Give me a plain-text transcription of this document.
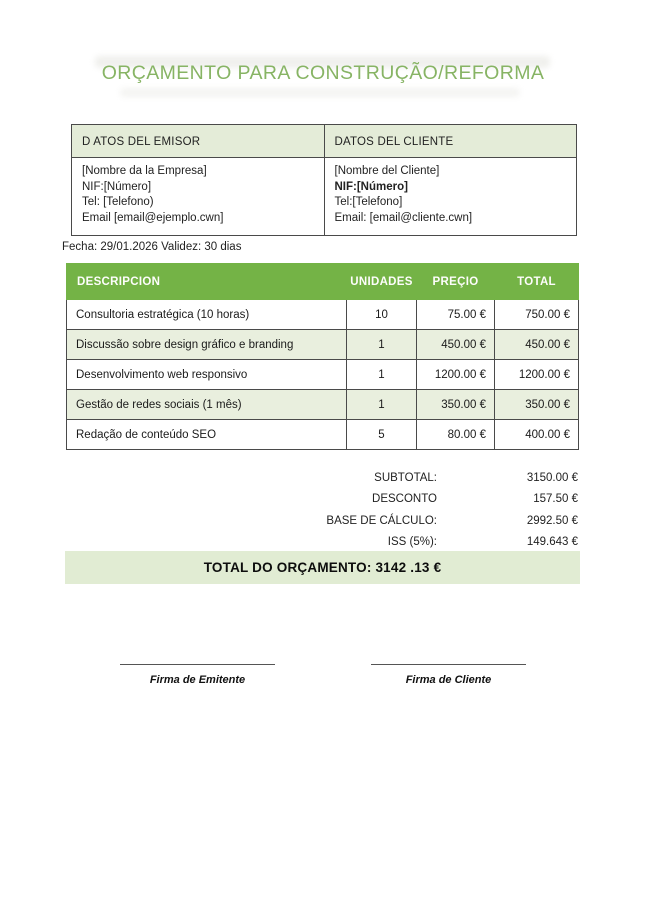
ORÇAMENTO PARA CONSTRUÇÃO/REFORMA
D ATOS DEL EMISOR
[Nombre da la Empresa]
NIF:[Número]
Tel: [Telefono)
Email [email@ejemplo.cwn]
DATOS DEL CLIENTE
[Nombre del Cliente]
NIF:[Número]
Tel:[Telefono]
Email: [email@cliente.cwn]
Fecha: 29/01.2026 Validez: 30 dias
DESCRIPCION	UNIDADES	PREÇIO	TOTAL
Consultoria estratégica (10 horas)	10	75.00 €	750.00 €
Discussão sobre design gráfico e branding	1	450.00 €	450.00 €
Desenvolvimento web responsivo	1	1200.00 €	1200.00 €
Gestão de redes sociais (1 mês)	1	350.00 €	350.00 €
Redação de conteúdo SEO	5	80.00 €	400.00 €
SUBTOTAL:	3150.00 €
DESCONTO	157.50 €
BASE DE CÁLCULO:	2992.50 €
ISS (5%):	149.643 €
TOTAL DO ORÇAMENTO: 3142 .13 €
Firma de Emitente	Firma de Cliente
